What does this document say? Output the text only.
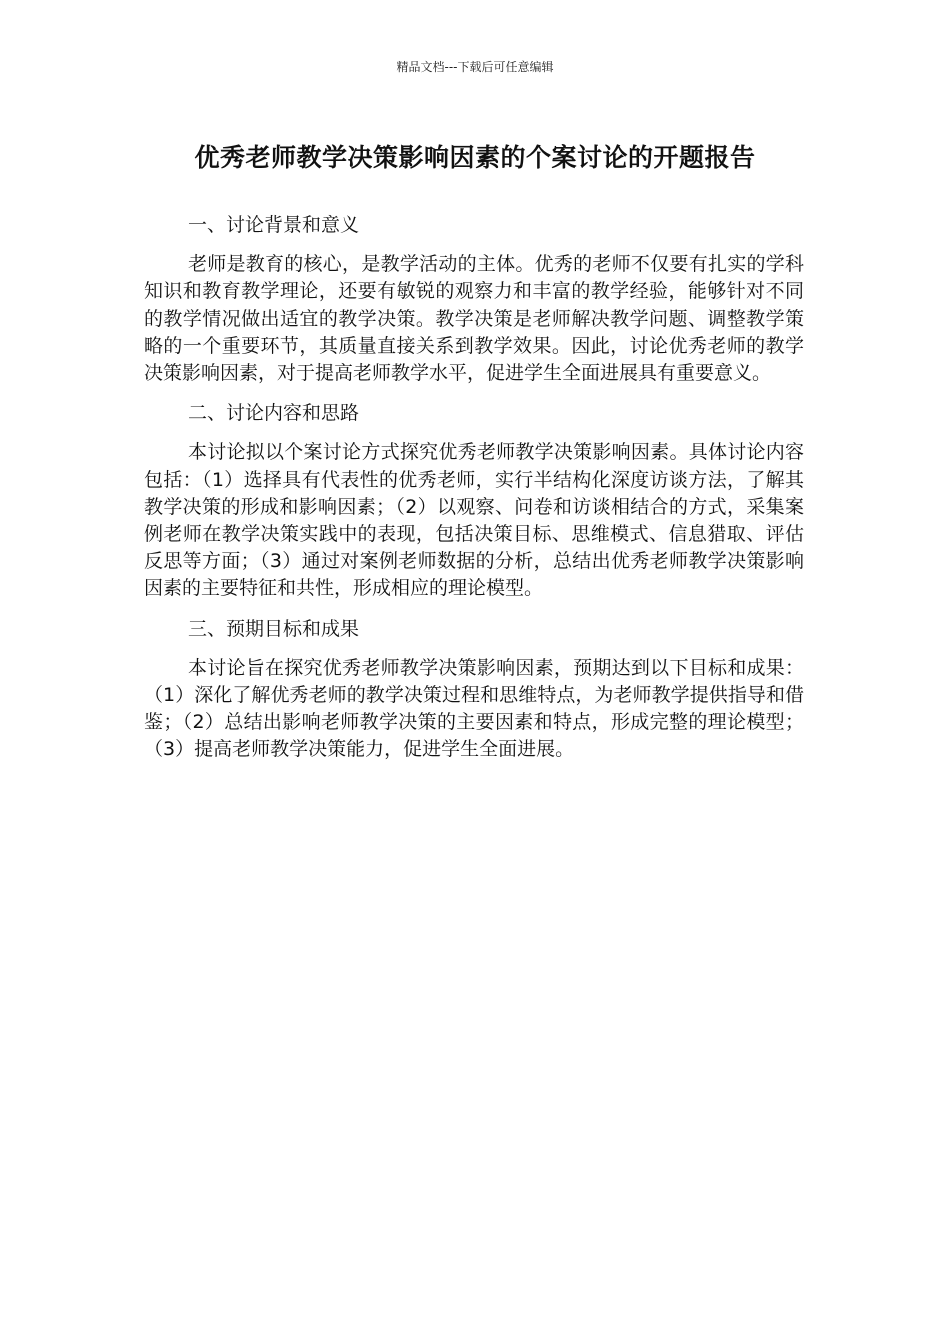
精品文档---下载后可任意编辑
优秀老师教学决策影响因素的个案讨论的开题报告

一、讨论背景和意义

老师是教育的核心，是教学活动的主体。优秀的老师不仅要有扎实的学科知识和教育教学理论，还要有敏锐的观察力和丰富的教学经验，能够针对不同的教学情况做出适宜的教学决策。教学决策是老师解决教学问题、调整教学策略的一个重要环节，其质量直接关系到教学效果。因此，讨论优秀老师的教学决策影响因素，对于提高老师教学水平，促进学生全面进展具有重要意义。

二、讨论内容和思路

本讨论拟以个案讨论方式探究优秀老师教学决策影响因素。具体讨论内容包括：（1）选择具有代表性的优秀老师，实行半结构化深度访谈方法，了解其教学决策的形成和影响因素；（2）以观察、问卷和访谈相结合的方式，采集案例老师在教学决策实践中的表现，包括决策目标、思维模式、信息猎取、评估反思等方面；（3）通过对案例老师数据的分析，总结出优秀老师教学决策影响因素的主要特征和共性，形成相应的理论模型。

三、预期目标和成果

本讨论旨在探究优秀老师教学决策影响因素，预期达到以下目标和成果：（1）深化了解优秀老师的教学决策过程和思维特点，为老师教学提供指导和借鉴；（2）总结出影响老师教学决策的主要因素和特点，形成完整的理论模型；（3）提高老师教学决策能力，促进学生全面进展。
